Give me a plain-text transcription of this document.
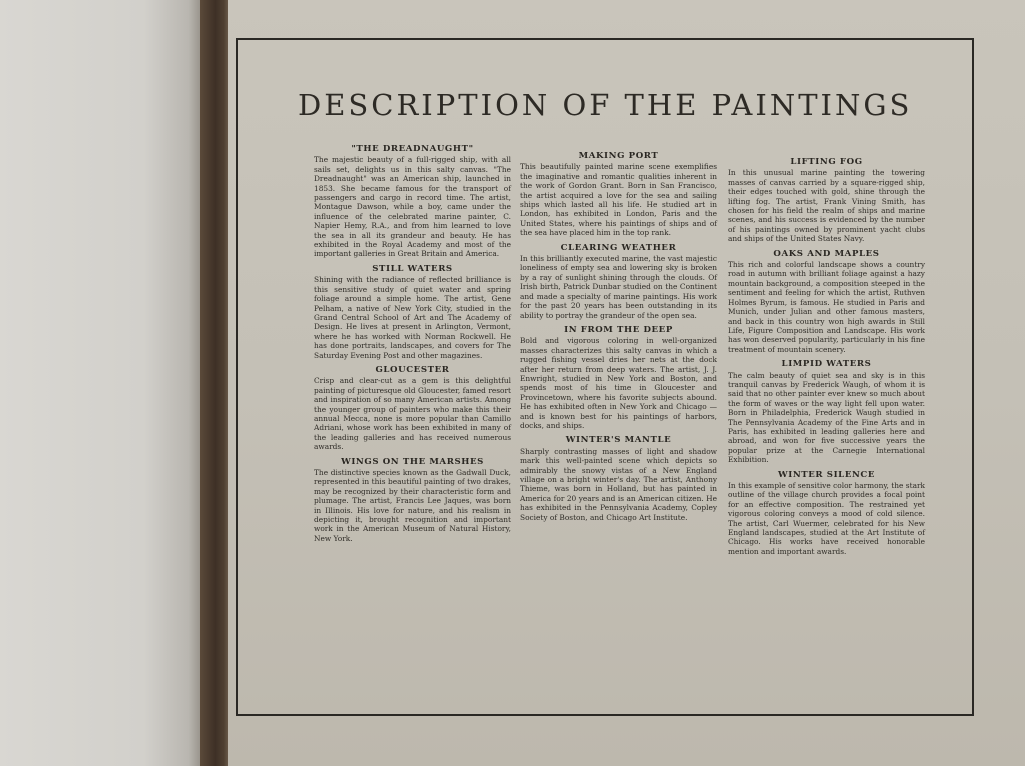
DESCRIPTION OF THE PAINTINGS

"THE DREADNAUGHT"

The majestic beauty of a full-rigged ship, with all sails set, delights us in this salty canvas. "The Dreadnaught" was an American ship, launched in 1853. She became famous for the transport of passengers and cargo in record time. The artist, Montague Dawson, while a boy, came under the influence of the celebrated marine painter, C. Napier Hemy, R.A., and from him learned to love the sea in all its grandeur and beauty. He has exhibited in the Royal Academy and most of the important galleries in Great Britain and America.

STILL WATERS

Shining with the radiance of reflected brilliance is this sensitive study of quiet water and spring foliage around a simple home. The artist, Gene Pelham, a native of New York City, studied in the Grand Central School of Art and The Academy of Design. He lives at present in Arlington, Vermont, where he has worked with Norman Rockwell. He has done portraits, landscapes, and covers for The Saturday Evening Post and other magazines.

GLOUCESTER

Crisp and clear-cut as a gem is this delightful painting of picturesque old Gloucester, famed resort and inspiration of so many American artists. Among the younger group of painters who make this their annual Mecca, none is more popular than Camillo Adriani, whose work has been exhibited in many of the leading galleries and has received numerous awards.

WINGS ON THE MARSHES

The distinctive species known as the Gadwall Duck, represented in this beautiful painting of two drakes, may be recognized by their characteristic form and plumage. The artist, Francis Lee Jaques, was born in Illinois. His love for nature, and his realism in depicting it, brought recognition and important work in the American Museum of Natural History, New York.

MAKING PORT

This beautifully painted marine scene exemplifies the imaginative and romantic qualities inherent in the work of Gordon Grant. Born in San Francisco, the artist acquired a love for the sea and sailing ships which lasted all his life. He studied art in London, has exhibited in London, Paris and the United States, where his paintings of ships and of the sea have placed him in the top rank.

CLEARING WEATHER

In this brilliantly executed marine, the vast majestic loneliness of empty sea and lowering sky is broken by a ray of sunlight shining through the clouds. Of Irish birth, Patrick Dunbar studied on the Continent and made a specialty of marine paintings. His work for the past 20 years has been outstanding in its ability to portray the grandeur of the open sea.

IN FROM THE DEEP

Bold and vigorous coloring in well-organized masses characterizes this salty canvas in which a rugged fishing vessel dries her nets at the dock after her return from deep waters. The artist, J. J. Enwright, studied in New York and Boston, and spends most of his time in Gloucester and Provincetown, where his favorite subjects abound. He has exhibited often in New York and Chicago — and is known best for his paintings of harbors, docks, and ships.

WINTER'S MANTLE

Sharply contrasting masses of light and shadow mark this well-painted scene which depicts so admirably the snowy vistas of a New England village on a bright winter's day. The artist, Anthony Thieme, was born in Holland, but has painted in America for 20 years and is an American citizen. He has exhibited in the Pennsylvania Academy, Copley Society of Boston, and Chicago Art Institute.

LIFTING FOG

In this unusual marine painting the towering masses of canvas carried by a square-rigged ship, their edges touched with gold, shine through the lifting fog. The artist, Frank Vining Smith, has chosen for his field the realm of ships and marine scenes, and his success is evidenced by the number of his paintings owned by prominent yacht clubs and ships of the United States Navy.

OAKS AND MAPLES

This rich and colorful landscape shows a country road in autumn with brilliant foliage against a hazy mountain background, a composition steeped in the sentiment and feeling for which the artist, Ruthven Holmes Byrum, is famous. He studied in Paris and Munich, under Julian and other famous masters, and back in this country won high awards in Still Life, Figure Composition and Landscape. His work has won deserved popularity, particularly in his fine treatment of mountain scenery.

LIMPID WATERS

The calm beauty of quiet sea and sky is in this tranquil canvas by Frederick Waugh, of whom it is said that no other painter ever knew so much about the form of waves or the way light fell upon water. Born in Philadelphia, Frederick Waugh studied in The Pennsylvania Academy of the Fine Arts and in Paris, has exhibited in leading galleries here and abroad, and won for five successive years the popular prize at the Carnegie International Exhibition.

WINTER SILENCE

In this example of sensitive color harmony, the stark outline of the village church provides a focal point for an effective composition. The restrained yet vigorous coloring conveys a mood of cold silence. The artist, Carl Wuermer, celebrated for his New England landscapes, studied at the Art Institute of Chicago. His works have received honorable mention and important awards.
